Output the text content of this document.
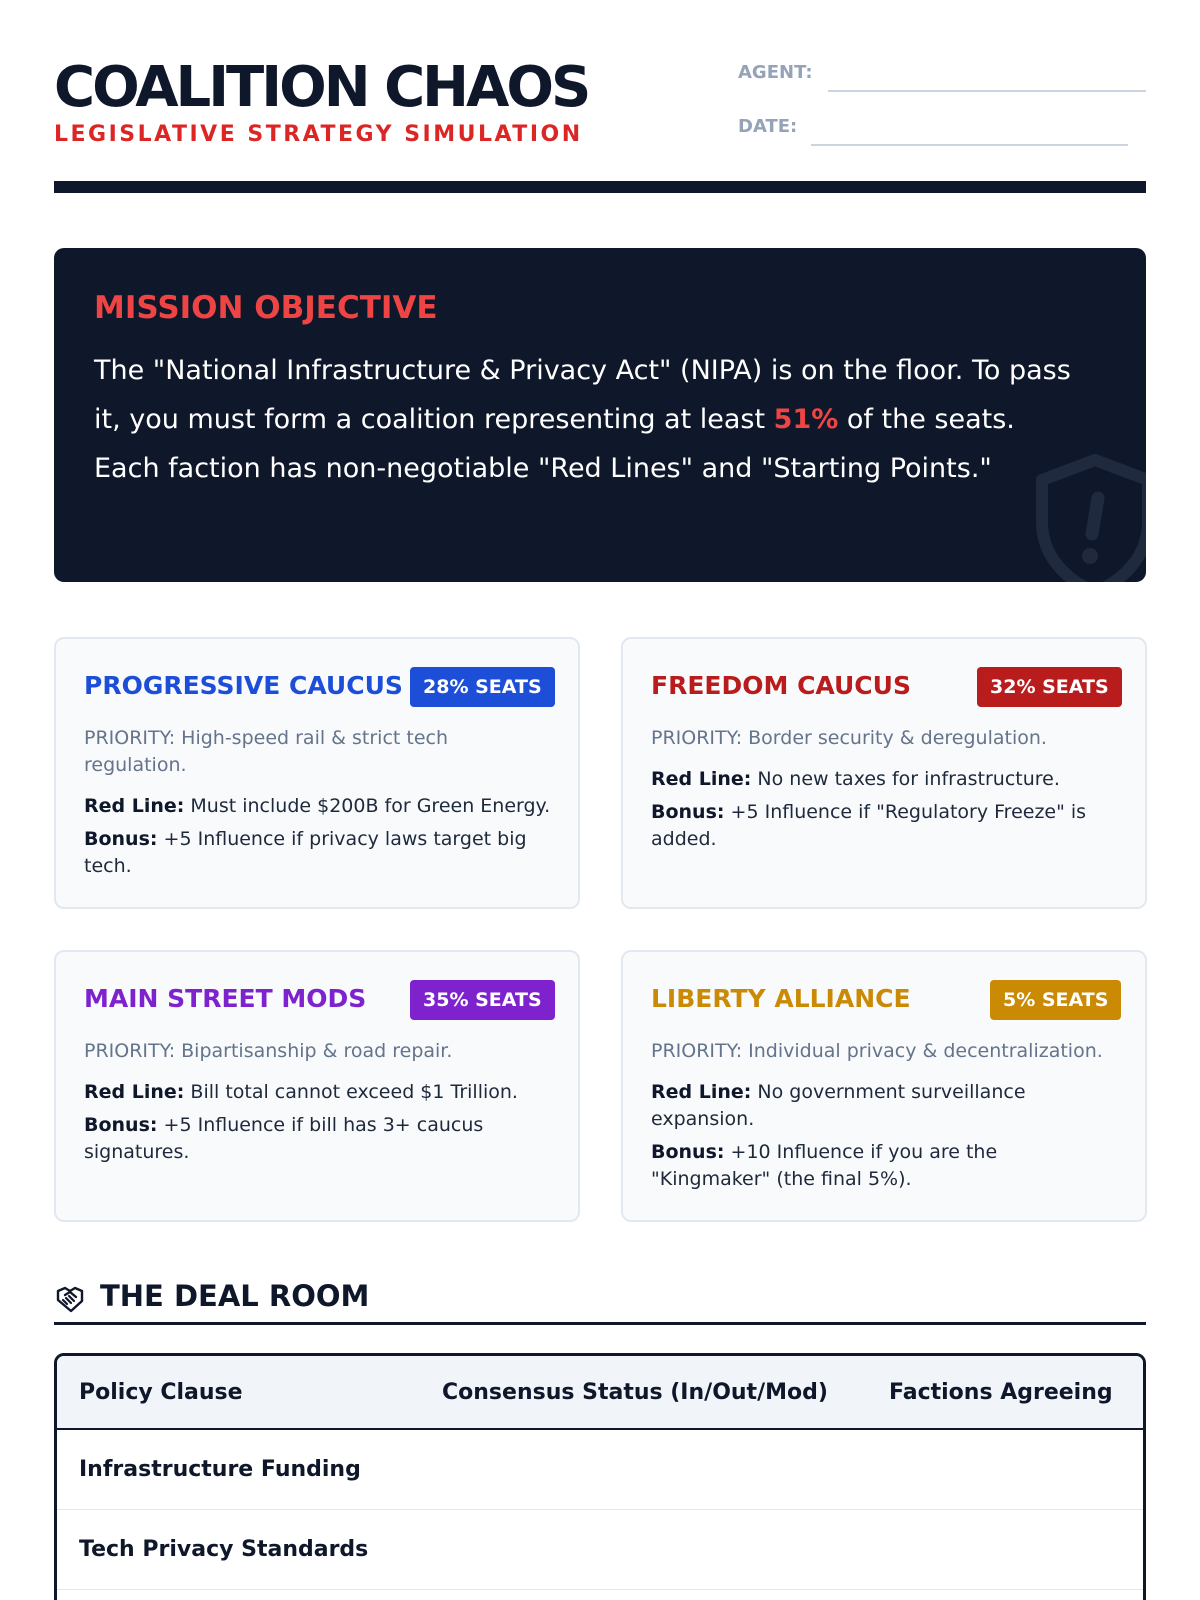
COALITION CHAOS
LEGISLATIVE STRATEGY SIMULATION
AGENT:
DATE:
MISSION OBJECTIVE
The "National Infrastructure & Privacy Act" (NIPA) is on the floor. To pass it, you must form a coalition representing at least 51% of the seats. Each faction has non-negotiable "Red Lines" and "Starting Points."
PROGRESSIVE CAUCUS	28% SEATS
PRIORITY: High-speed rail & strict tech regulation.
Red Line: Must include $200B for Green Energy.
Bonus: +5 Influence if privacy laws target big tech.
FREEDOM CAUCUS	32% SEATS
PRIORITY: Border security & deregulation.
Red Line: No new taxes for infrastructure.
Bonus: +5 Influence if "Regulatory Freeze" is added.
MAIN STREET MODS	35% SEATS
PRIORITY: Bipartisanship & road repair.
Red Line: Bill total cannot exceed $1 Trillion.
Bonus: +5 Influence if bill has 3+ caucus signatures.
LIBERTY ALLIANCE	5% SEATS
PRIORITY: Individual privacy & decentralization.
Red Line: No government surveillance expansion.
Bonus: +10 Influence if you are the "Kingmaker" (the final 5%).
THE DEAL ROOM
Policy Clause	Consensus Status (In/Out/Mod)	Factions Agreeing
Infrastructure Funding
Tech Privacy Standards
